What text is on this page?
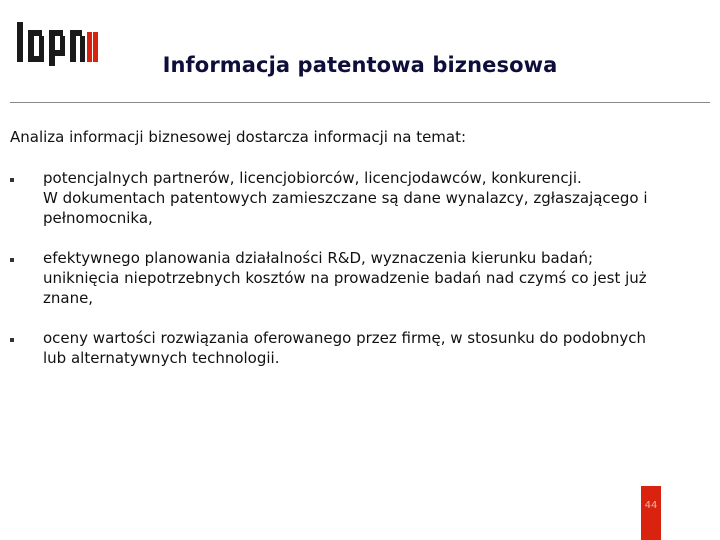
Informacja patentowa biznesowa
Analiza informacji biznesowej dostarcza informacji na temat:

potencjalnych partnerów, licencjobiorców, licencjodawców, konkurencji.

W dokumentach patentowych zamieszczane są dane wynalazcy, zgłaszającego i

pełnomocnika,

efektywnego planowania działalności R&D, wyznaczenia kierunku badań;

uniknięcia niepotrzebnych kosztów na prowadzenie badań nad czymś co jest już

znane,

oceny wartości rozwiązania oferowanego przez firmę, w stosunku do podobnych

lub alternatywnych technologii.

44
